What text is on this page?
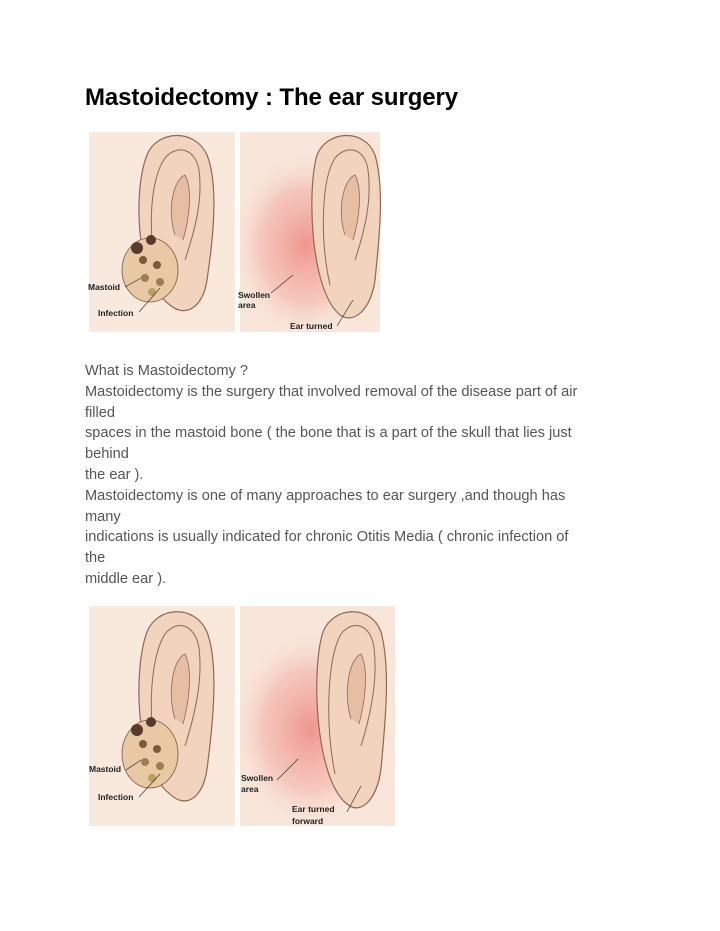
Mastoidectomy : The ear surgery
Mastoid
Infection
Swollen
area
Ear turned
What is Mastoidectomy ?
Mastoidectomy is the surgery that involved removal of the disease part of air
filled
spaces in the mastoid bone ( the bone that is a part of the skull that lies just
behind
the ear ).
Mastoidectomy is one of many approaches to ear surgery ,and though has
many
indications is usually indicated for chronic Otitis Media ( chronic infection of
the
middle ear ).
Mastoid
Infection
Swollen
area
Ear turned
forward
